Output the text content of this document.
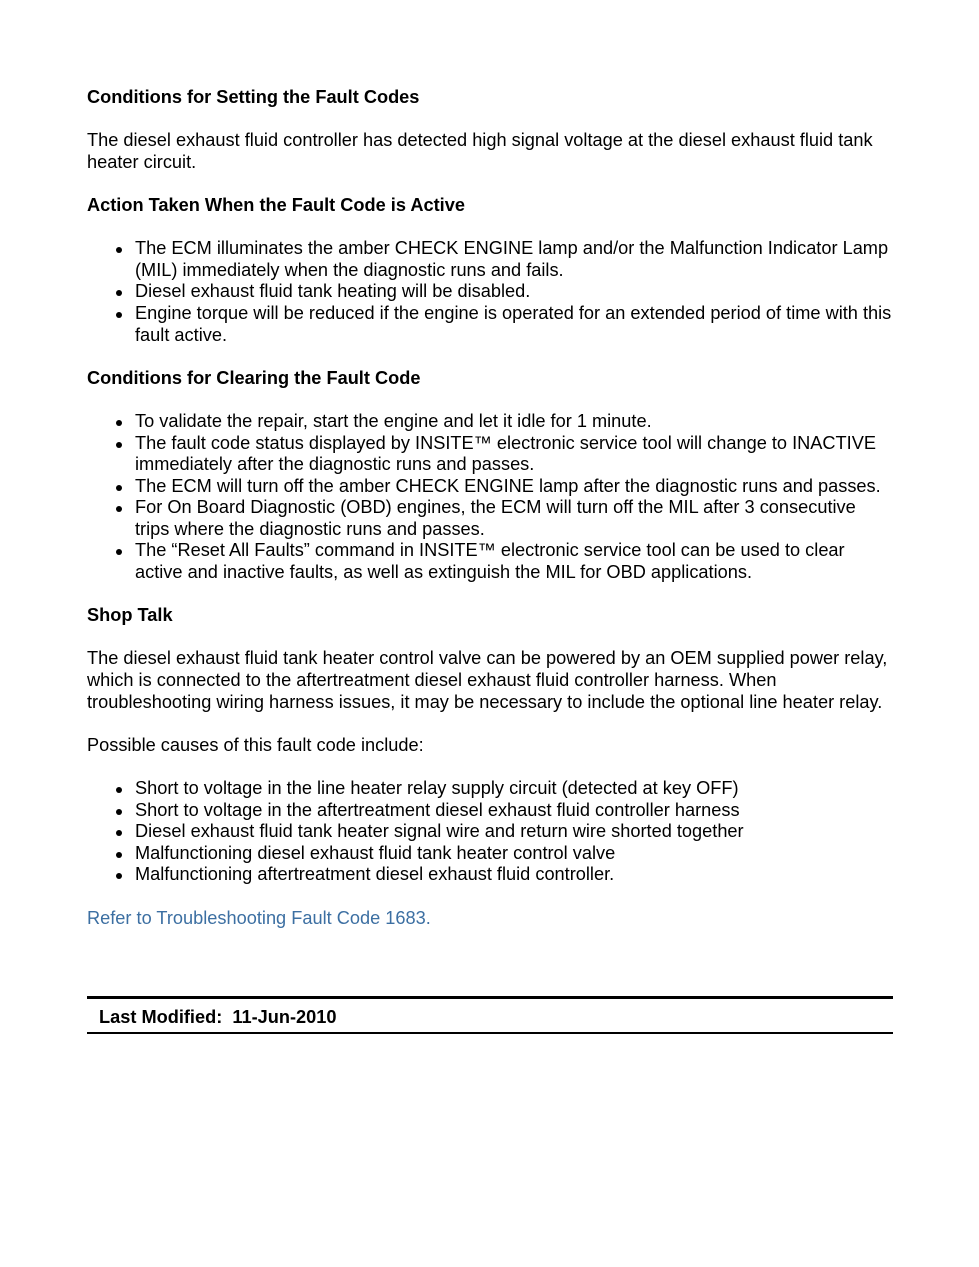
Conditions for Setting the Fault Codes

The diesel exhaust fluid controller has detected high signal voltage at the diesel exhaust fluid tank heater circuit.

Action Taken When the Fault Code is Active

The ECM illuminates the amber CHECK ENGINE lamp and/or the Malfunction Indicator Lamp (MIL) immediately when the diagnostic runs and fails.
Diesel exhaust fluid tank heating will be disabled.
Engine torque will be reduced if the engine is operated for an extended period of time with this fault active.

Conditions for Clearing the Fault Code

To validate the repair, start the engine and let it idle for 1 minute.
The fault code status displayed by INSITE™ electronic service tool will change to INACTIVE immediately after the diagnostic runs and passes.
The ECM will turn off the amber CHECK ENGINE lamp after the diagnostic runs and passes.
For On Board Diagnostic (OBD) engines, the ECM will turn off the MIL after 3 consecutive trips where the diagnostic runs and passes.
The “Reset All Faults” command in INSITE™ electronic service tool can be used to clear active and inactive faults, as well as extinguish the MIL for OBD applications.

Shop Talk

The diesel exhaust fluid tank heater control valve can be powered by an OEM supplied power relay, which is connected to the aftertreatment diesel exhaust fluid controller harness. When troubleshooting wiring harness issues, it may be necessary to include the optional line heater relay.

Possible causes of this fault code include:

Short to voltage in the line heater relay supply circuit (detected at key OFF)
Short to voltage in the aftertreatment diesel exhaust fluid controller harness
Diesel exhaust fluid tank heater signal wire and return wire shorted together
Malfunctioning diesel exhaust fluid tank heater control valve
Malfunctioning aftertreatment diesel exhaust fluid controller.

Refer to Troubleshooting Fault Code 1683.

Last Modified:  11-Jun-2010
